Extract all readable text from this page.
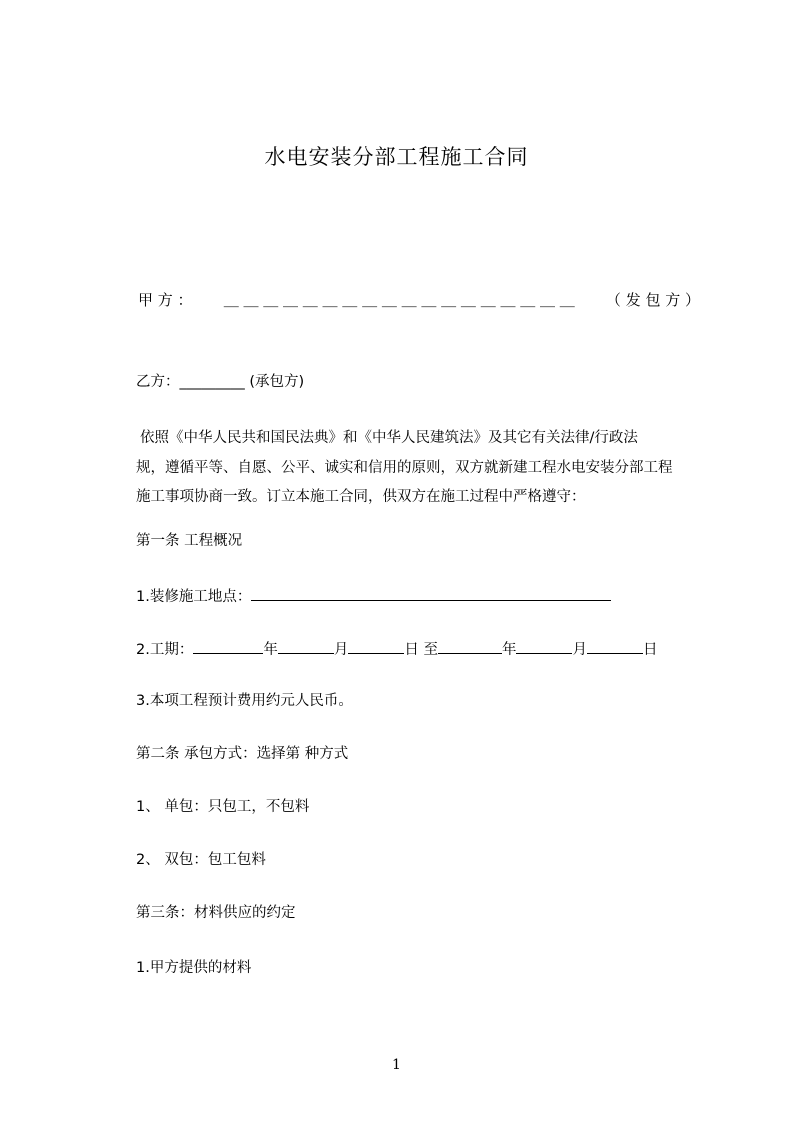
水电安装分部工程施工合同
甲 方 ： ＿ ＿ ＿ ＿ ＿ ＿ ＿ ＿ ＿ ＿ ＿ ＿ ＿ ＿ ＿ ＿ ＿ ＿ （ 发 包 方 ）
乙方：_________ (承包方)
依照《中华人民共和国民法典》和《中华人民建筑法》及其它有关法律/行政法
规，遵循平等、自愿、公平、诚实和信用的原则，双方就新建工程水电安装分部工程
施工事项协商一致。订立本施工合同，供双方在施工过程中严格遵守：
第一条 工程概况
1.装修施工地点：
2.工期：	年	月	日 至	年	月	日
3.本项工程预计费用约元人民币。
第二条 承包方式：选择第 种方式
1、 单包：只包工，不包料
2、 双包：包工包料
第三条：材料供应的约定
1.甲方提供的材料
1
